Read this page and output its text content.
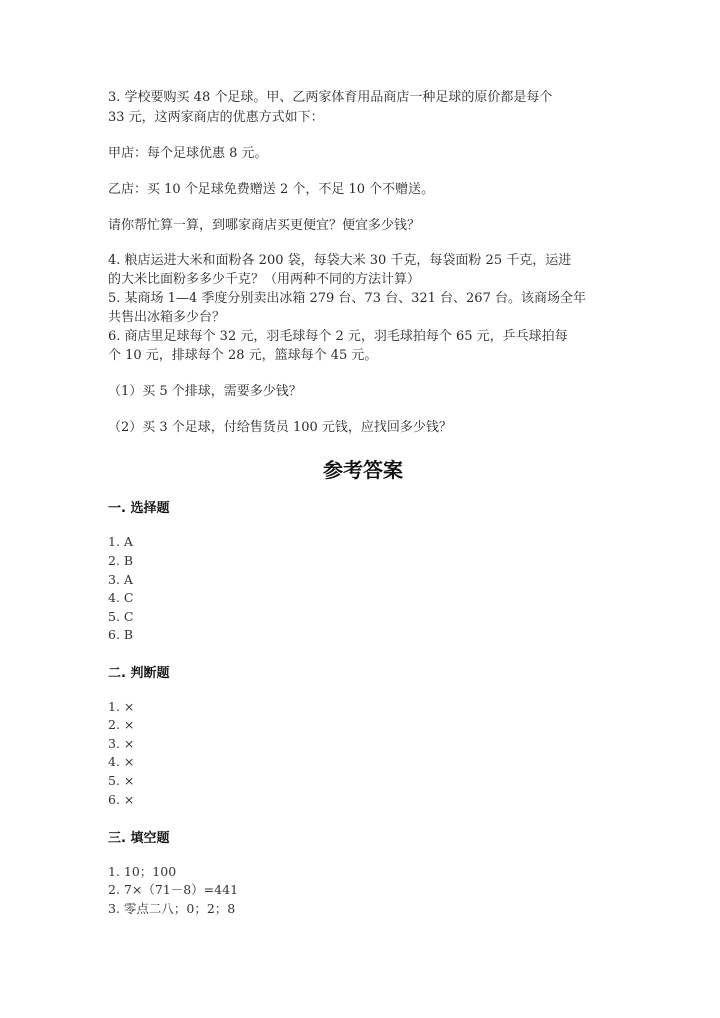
3. 学校要购买 48 个足球。甲、乙两家体育用品商店一种足球的原价都是每个
33 元，这两家商店的优惠方式如下：
甲店：每个足球优惠 8 元。
乙店：买 10 个足球免费赠送 2 个，不足 10 个不赠送。
请你帮忙算一算，到哪家商店买更便宜？便宜多少钱？
4. 粮店运进大米和面粉各 200 袋，每袋大米 30 千克，每袋面粉 25 千克，运进
的大米比面粉多多少千克？（用两种不同的方法计算）
5. 某商场 1—4 季度分别卖出冰箱 279 台、73 台、321 台、267 台。该商场全年
共售出冰箱多少台？
6. 商店里足球每个 32 元，羽毛球每个 2 元，羽毛球拍每个 65 元，乒乓球拍每
个 10 元，排球每个 28 元，篮球每个 45 元。
（1）买 5 个排球，需要多少钱？
（2）买 3 个足球，付给售货员 100 元钱，应找回多少钱？
参考答案
一. 选择题
1. A
2. B
3. A
4. C
5. C
6. B
二. 判断题
1. ×
2. ×
3. ×
4. ×
5. ×
6. ×
三. 填空题
1. 10；100
2. 7×（71－8）=441
3. 零点二八；0；2；8
